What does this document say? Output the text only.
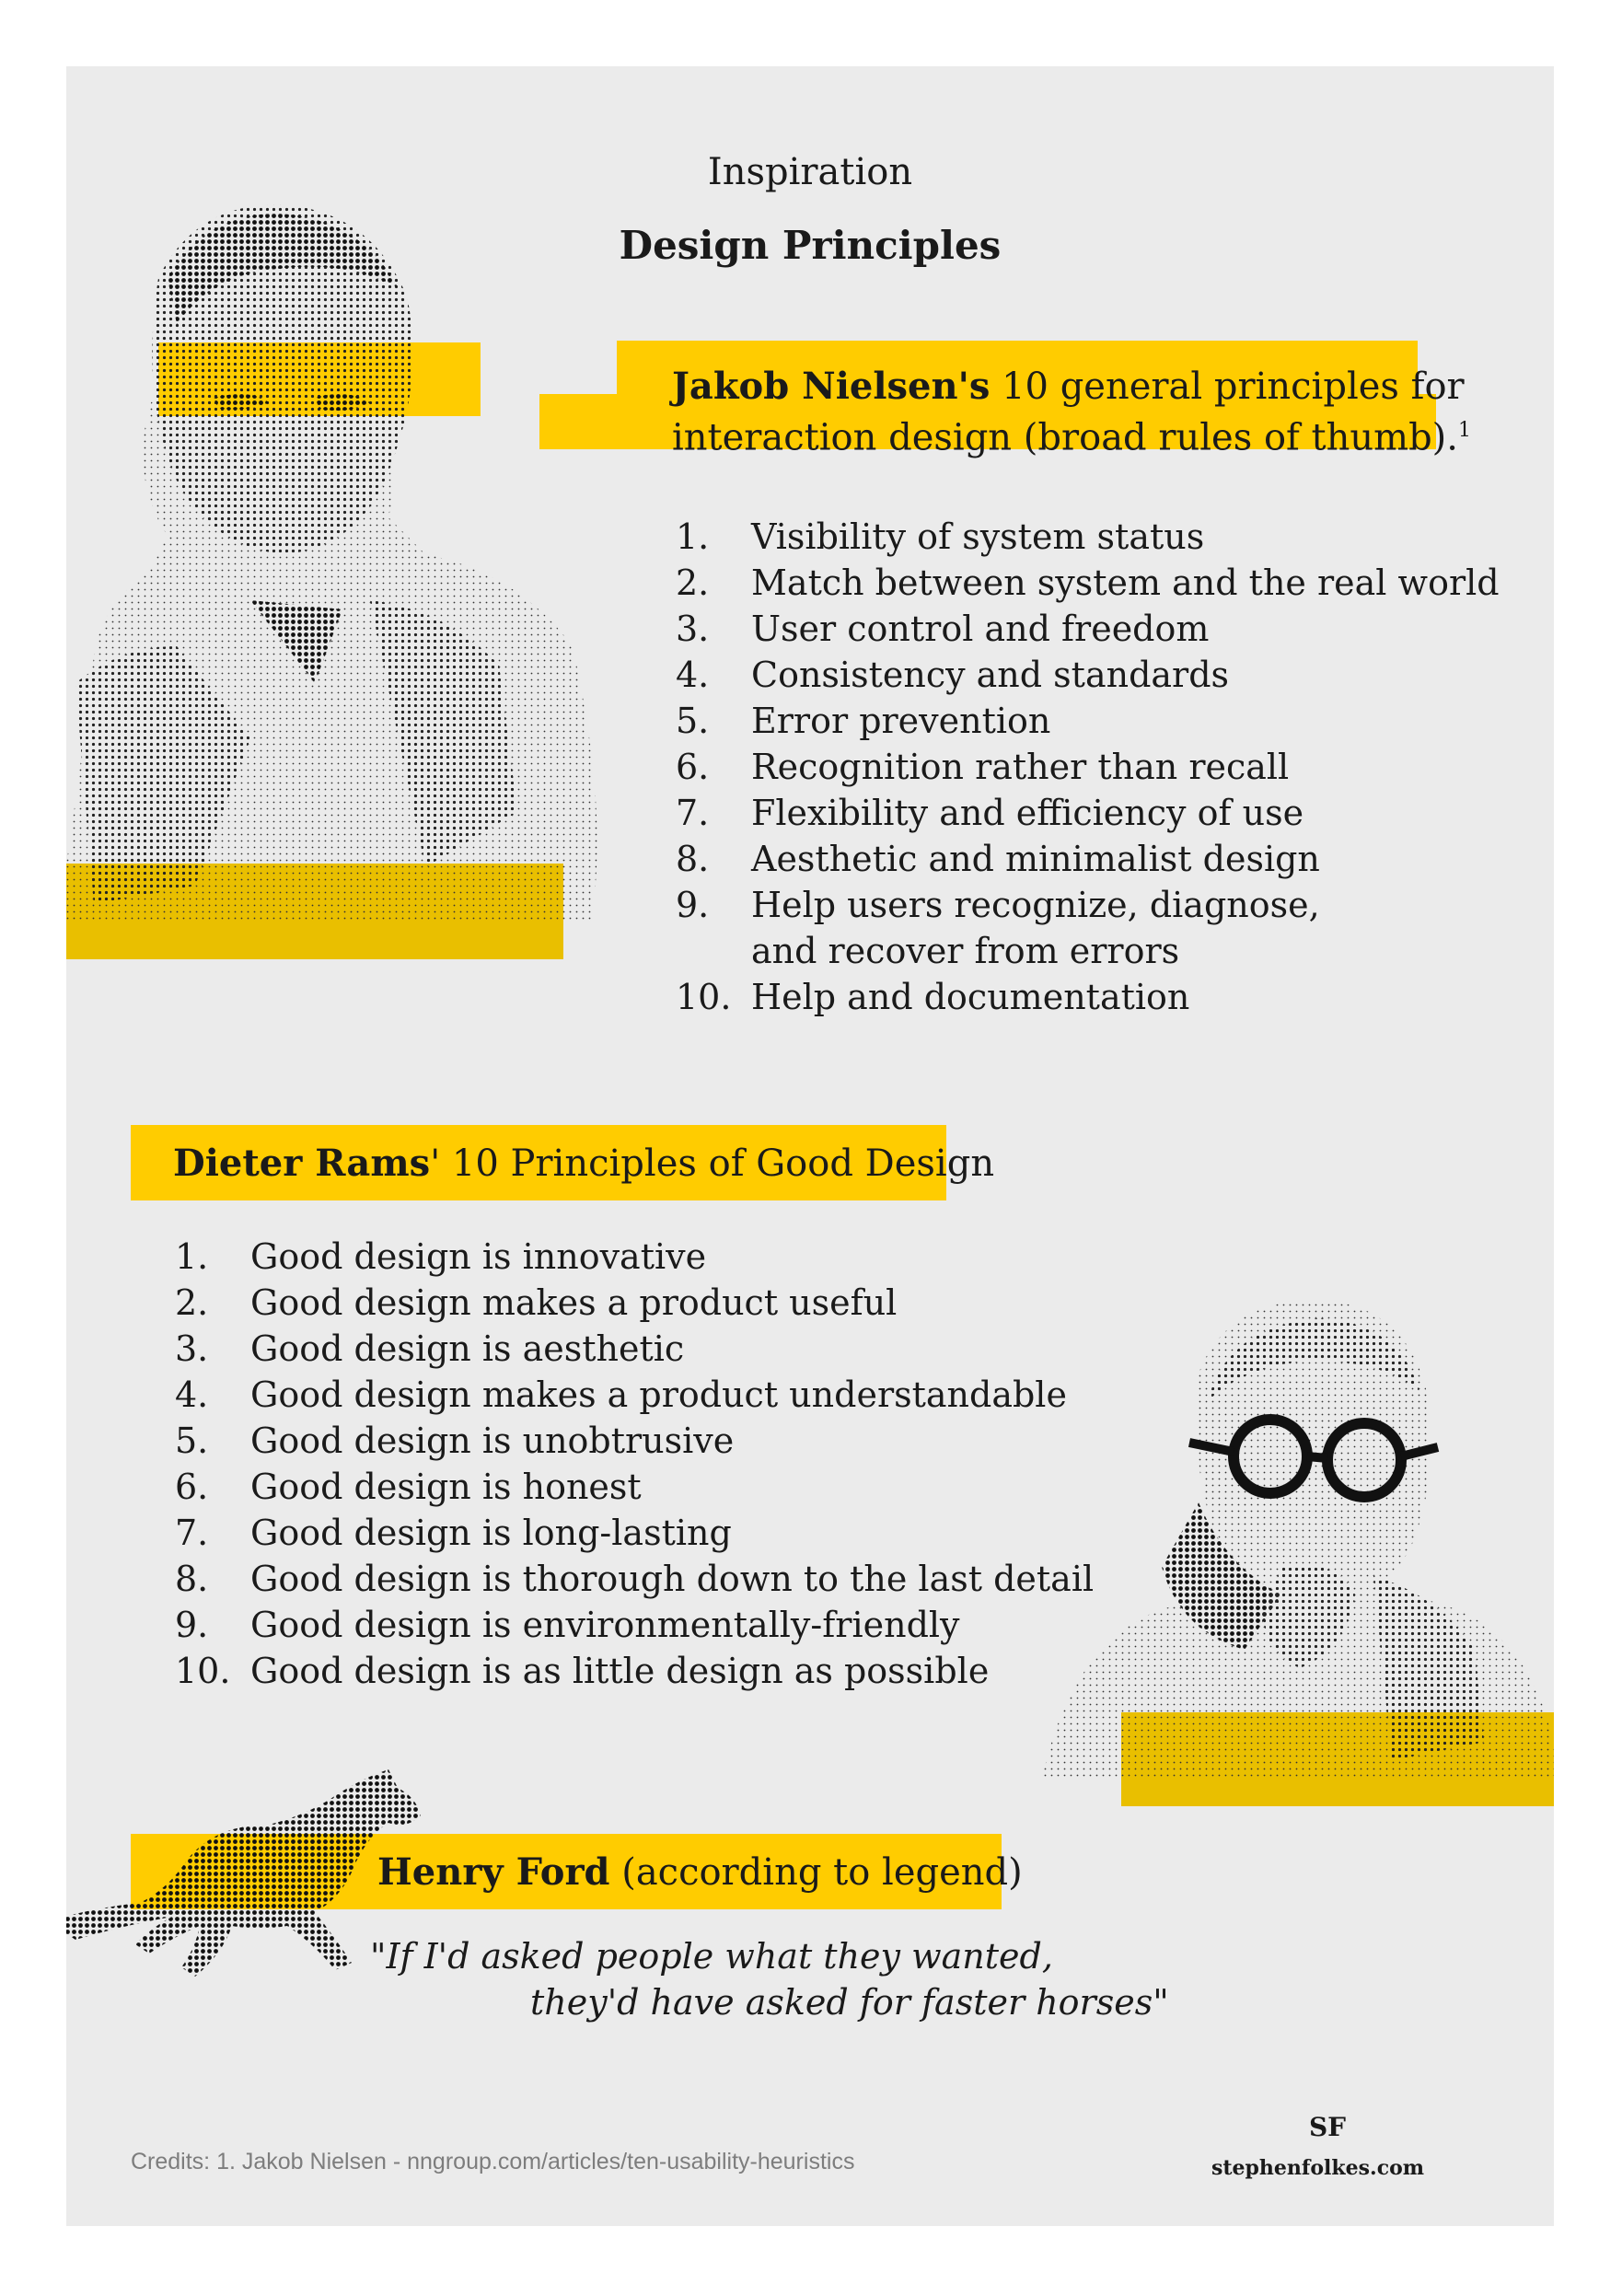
Inspiration
Design Principles
Jakob Nielsen's 10 general principles for
interaction design (broad rules of thumb).$^1$
1. Visibility of system status
2. Match between system and the real world
3. User control and freedom
4. Consistency and standards
5. Error prevention
6. Recognition rather than recall
7. Flexibility and efficiency of use
8. Aesthetic and minimalist design
9. Help users recognize, diagnose,
and recover from errors
10. Help and documentation
Dieter Rams' 10 Principles of Good Design
1. Good design is innovative
2. Good design makes a product useful
3. Good design is aesthetic
4. Good design makes a product understandable
5. Good design is unobtrusive
6. Good design is honest
7. Good design is long-lasting
8. Good design is thorough down to the last detail
9. Good design is environmentally-friendly
10. Good design is as little design as possible
Henry Ford (according to legend)
"If I'd asked people what they wanted,
they'd have asked for faster horses"
Credits: 1. Jakob Nielsen - nngroup.com/articles/ten-usability-heuristics
SF
stephenfolkes.com
